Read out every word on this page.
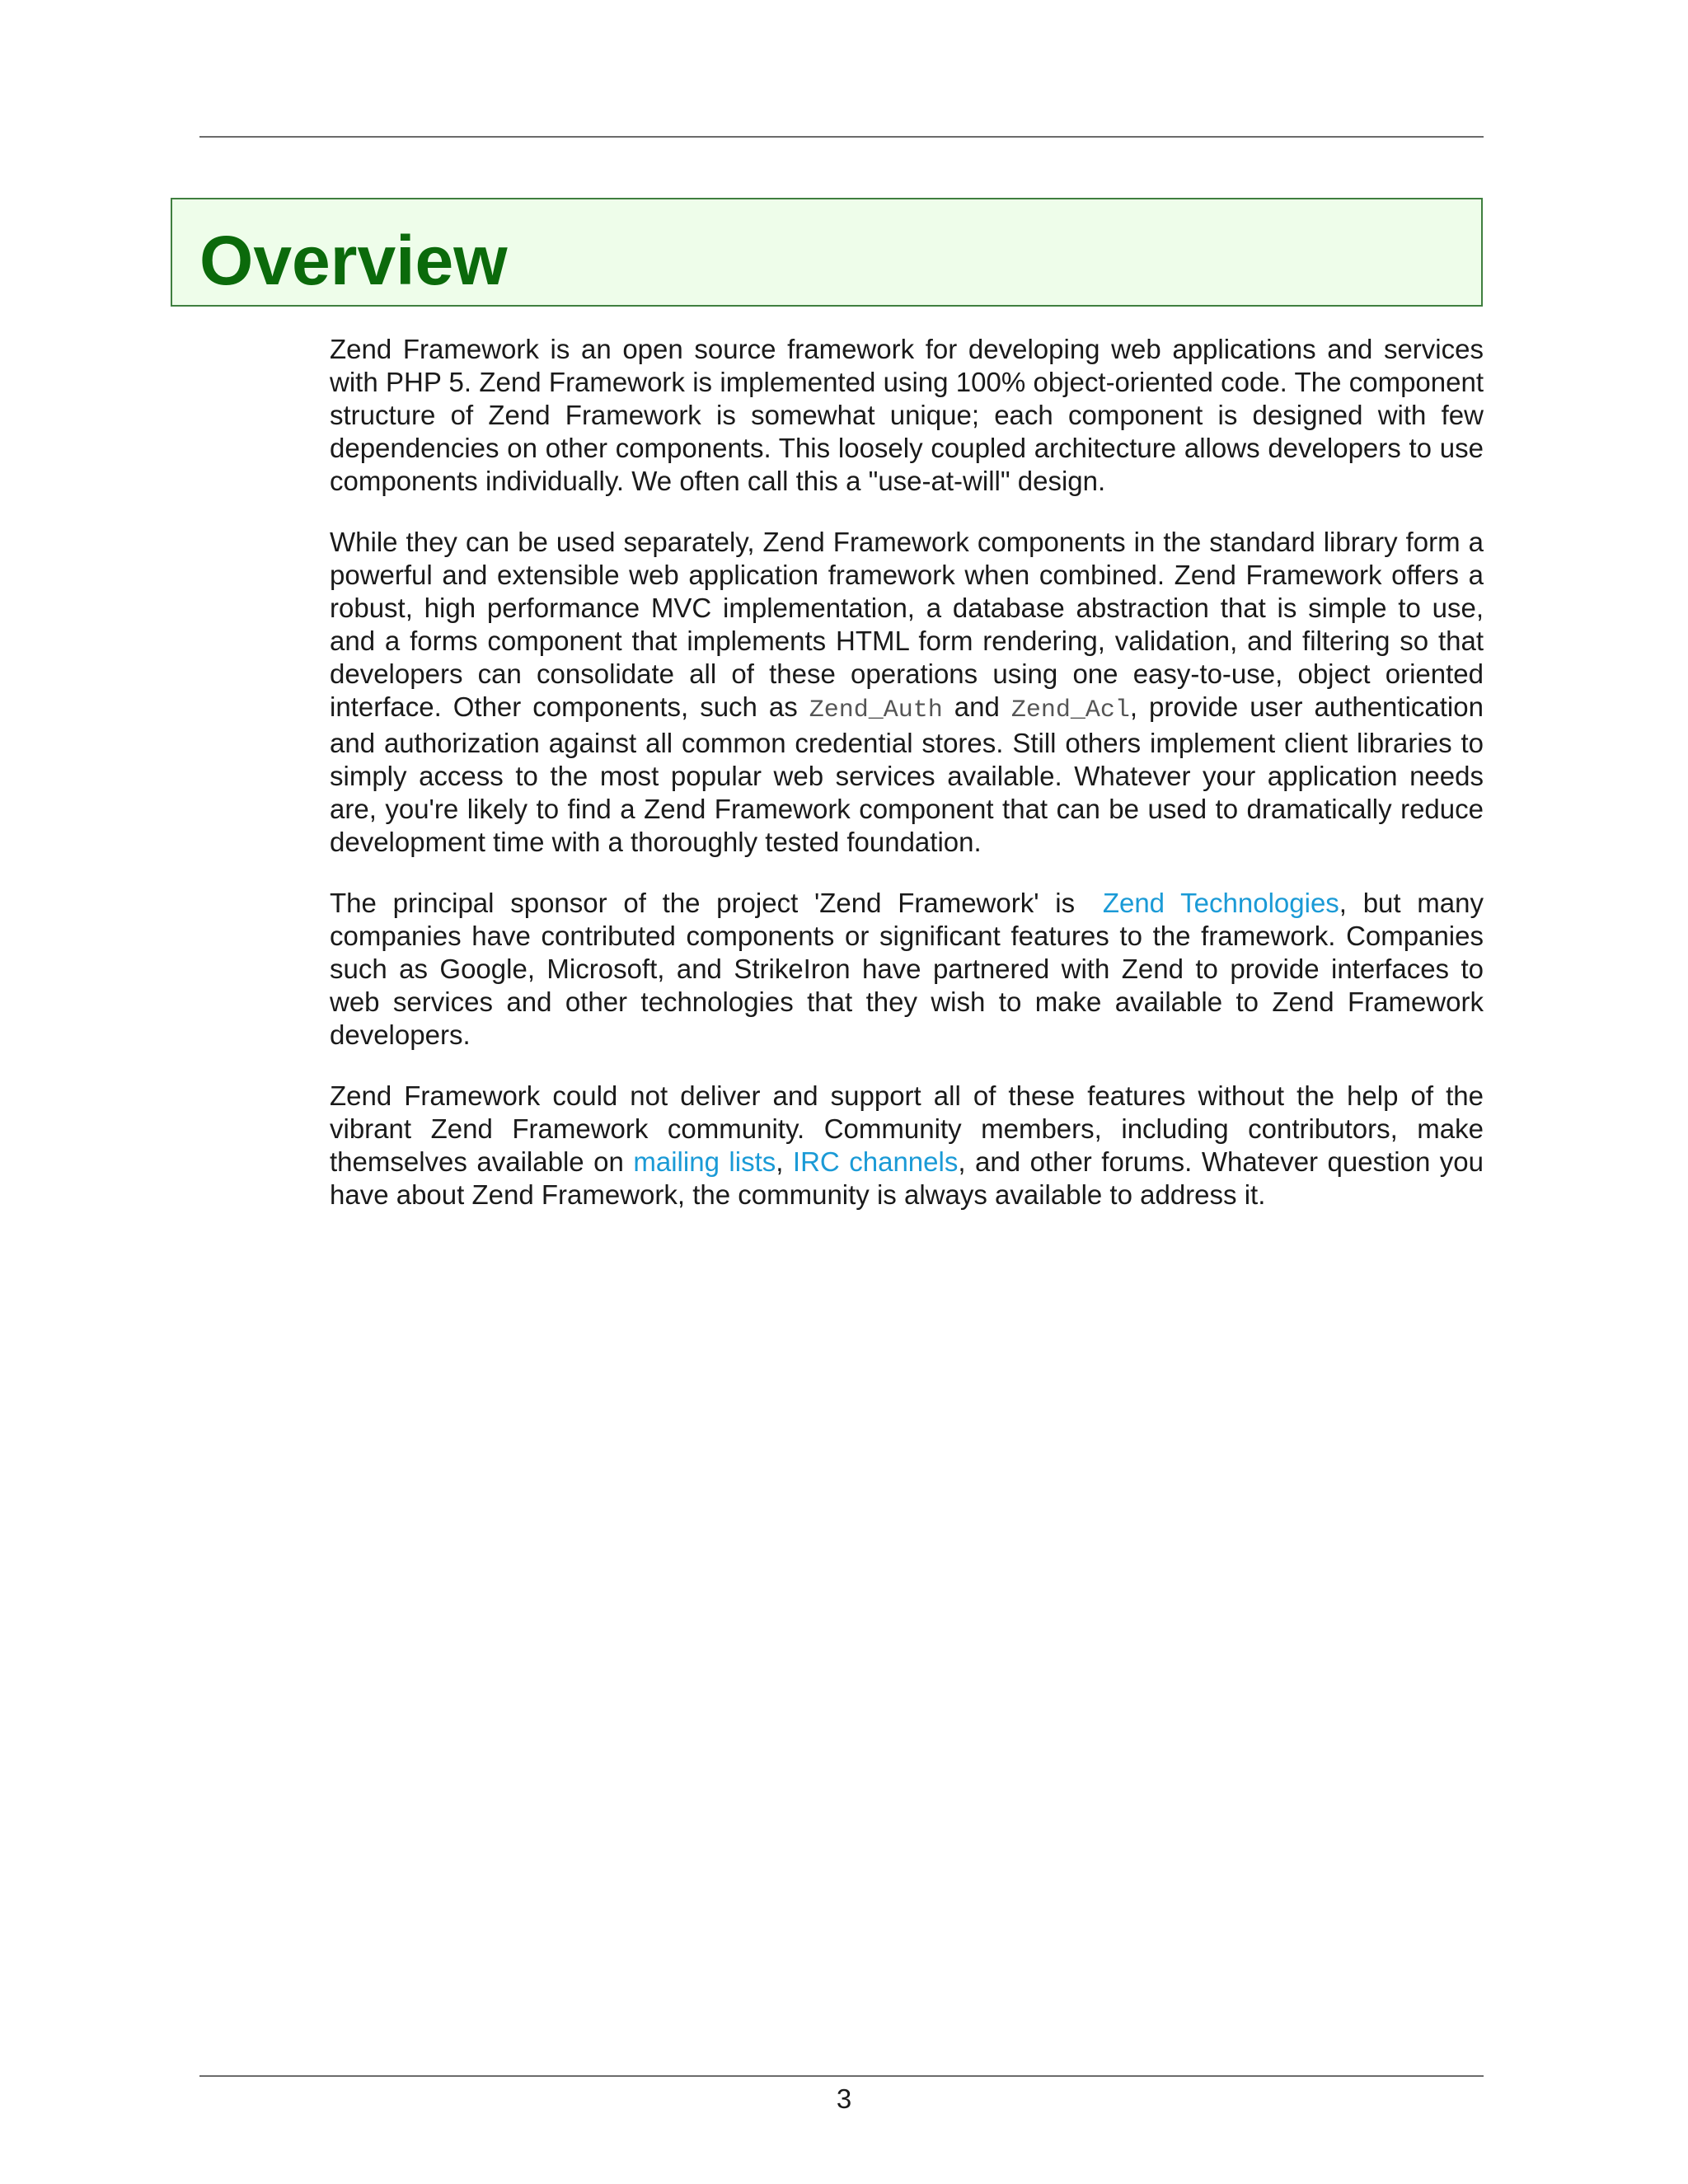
Overview

Zend Framework is an open source framework for developing web applications and services with PHP 5. Zend Framework is implemented using 100% object-oriented code. The component structure of Zend Framework is somewhat unique; each component is designed with few dependencies on other components. This loosely coupled architecture allows developers to use components individually. We often call this a "use-at-will" design.

While they can be used separately, Zend Framework components in the standard library form a powerful and extensible web application framework when combined. Zend Framework offers a robust, high performance MVC implementation, a database abstraction that is simple to use, and a forms component that implements HTML form rendering, validation, and filtering so that developers can consolidate all of these operations using one easy-to-use, object oriented interface. Other components, such as Zend_Auth and Zend_Acl, provide user authentication and authorization against all common credential stores. Still others implement client libraries to simply access to the most popular web services available. Whatever your application needs are, you're likely to find a Zend Framework component that can be used to dramatically reduce development time with a thoroughly tested foundation.

The principal sponsor of the project 'Zend Framework' is Zend Technologies, but many companies have contributed components or significant features to the framework. Companies such as Google, Microsoft, and StrikeIron have partnered with Zend to provide interfaces to web services and other technologies that they wish to make available to Zend Framework developers.

Zend Framework could not deliver and support all of these features without the help of the vibrant Zend Framework community. Community members, including contributors, make themselves available on mailing lists, IRC channels, and other forums. Whatever question you have about Zend Framework, the community is always available to address it.

3
